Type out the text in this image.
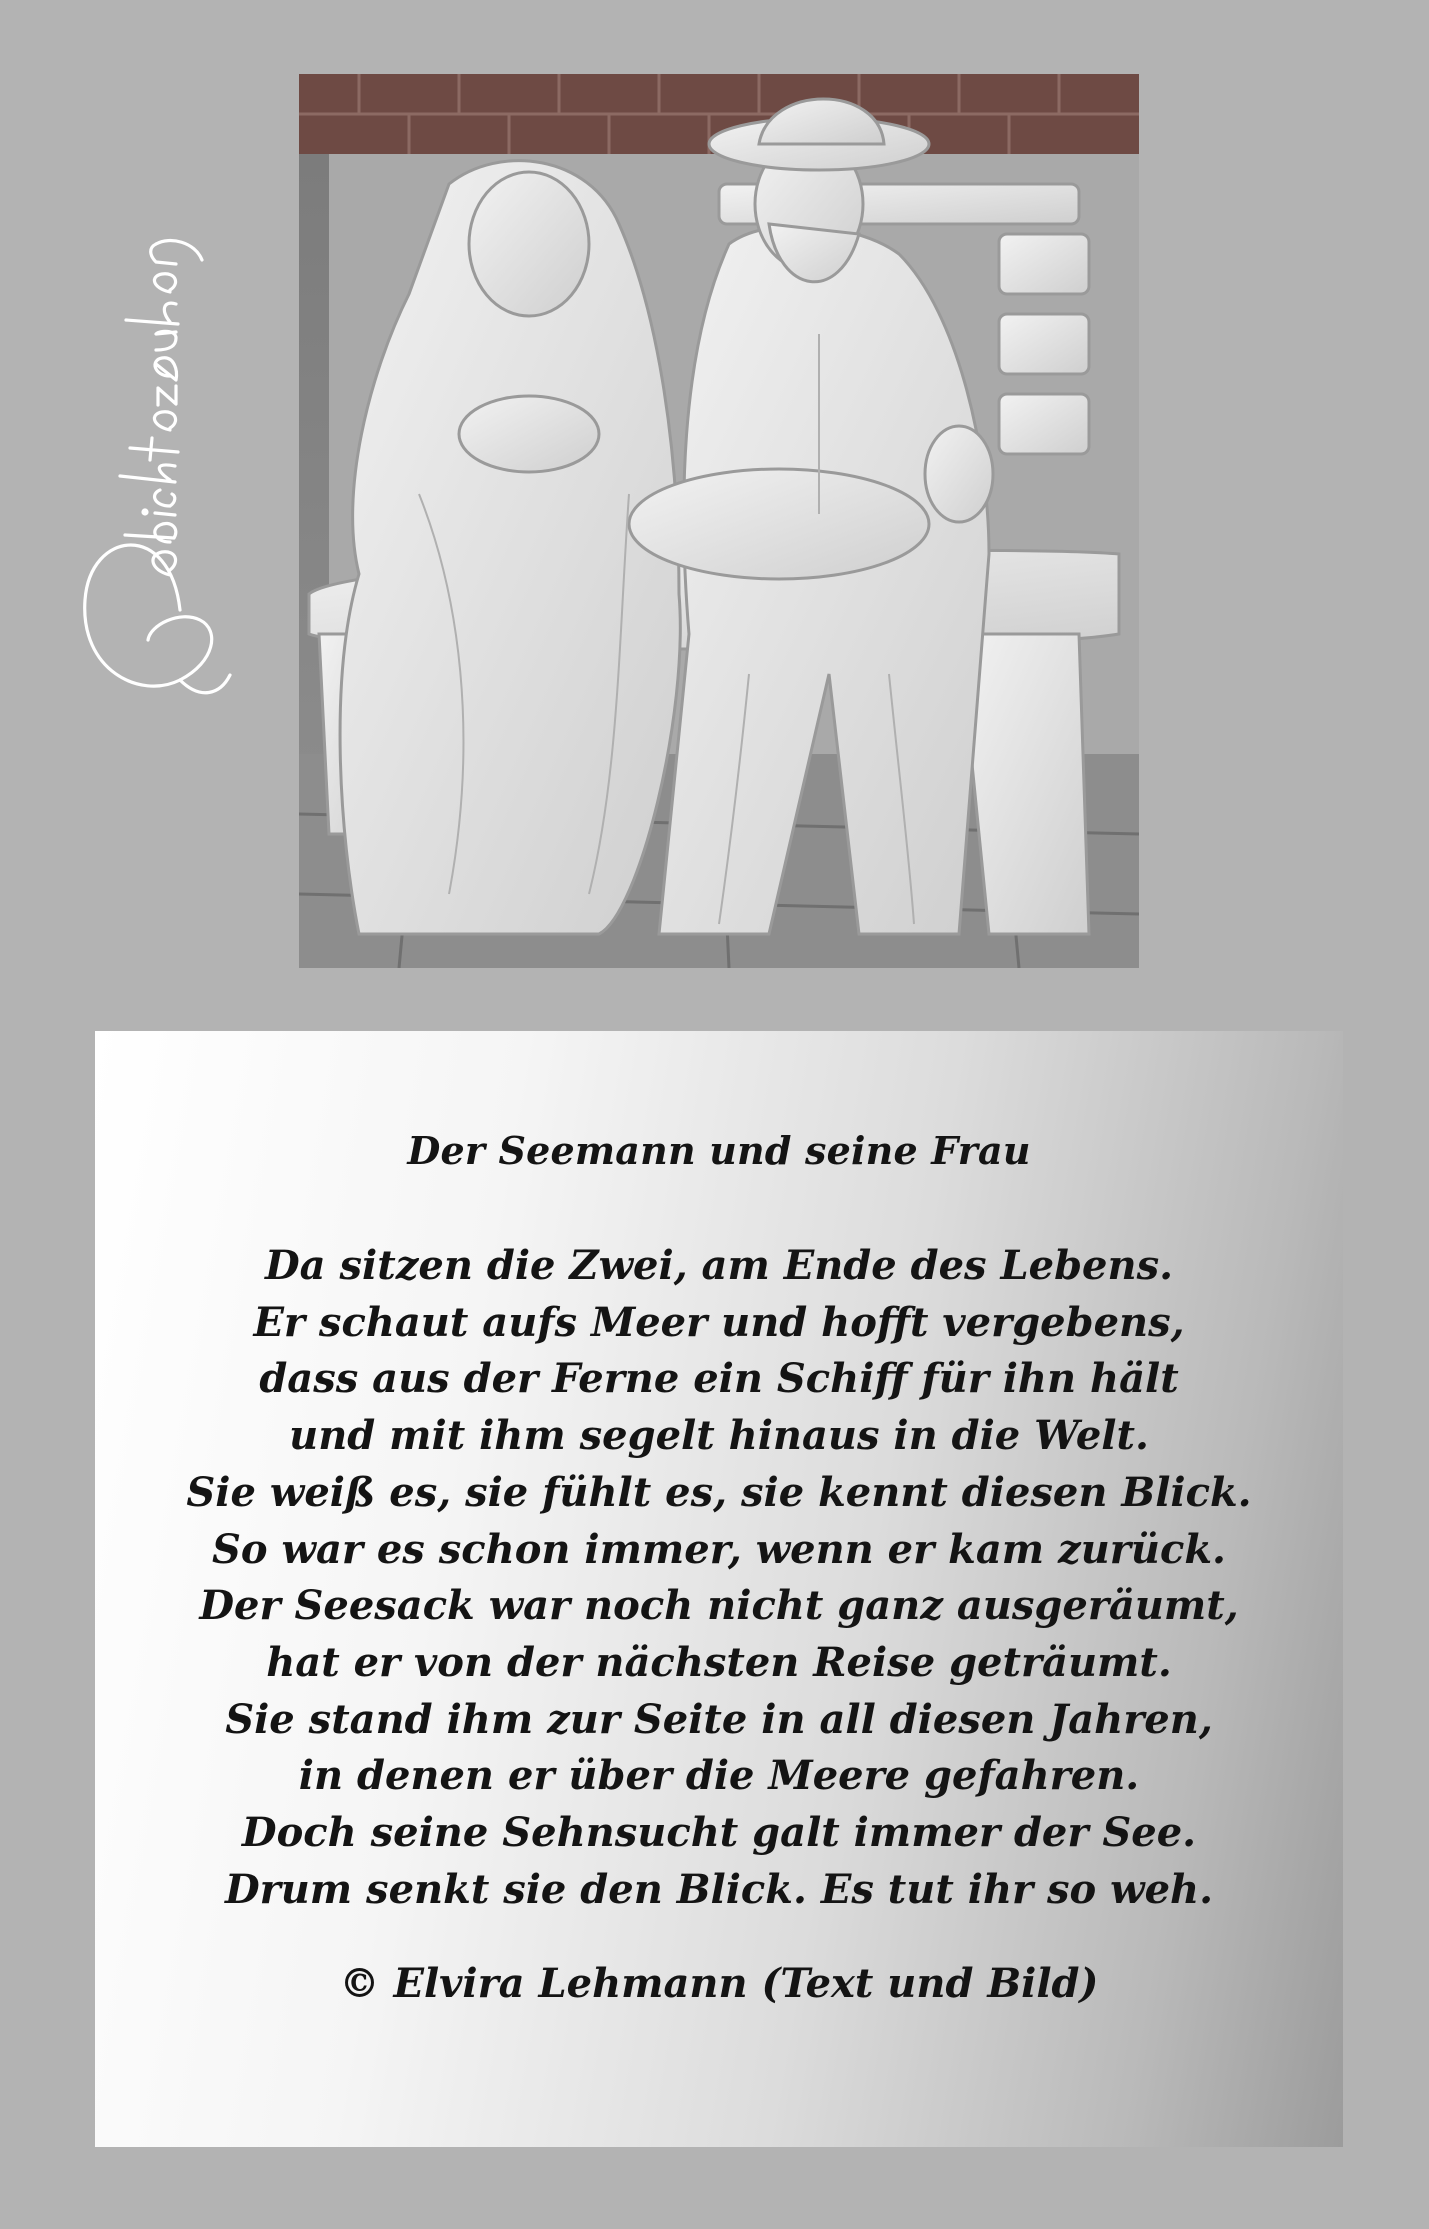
Der Seemann und seine Frau
Da sitzen die Zwei, am Ende des Lebens.
Er schaut aufs Meer und hofft vergebens,
dass aus der Ferne ein Schiff für ihn hält
und mit ihm segelt hinaus in die Welt.
Sie weiß es, sie fühlt es, sie kennt diesen Blick.
So war es schon immer, wenn er kam zurück.
Der Seesack war noch nicht ganz ausgeräumt,
hat er von der nächsten Reise geträumt.
Sie stand ihm zur Seite in all diesen Jahren,
in denen er über die Meere gefahren.
Doch seine Sehnsucht galt immer der See.
Drum senkt sie den Blick. Es tut ihr so weh.
© Elvira Lehmann (Text und Bild)
